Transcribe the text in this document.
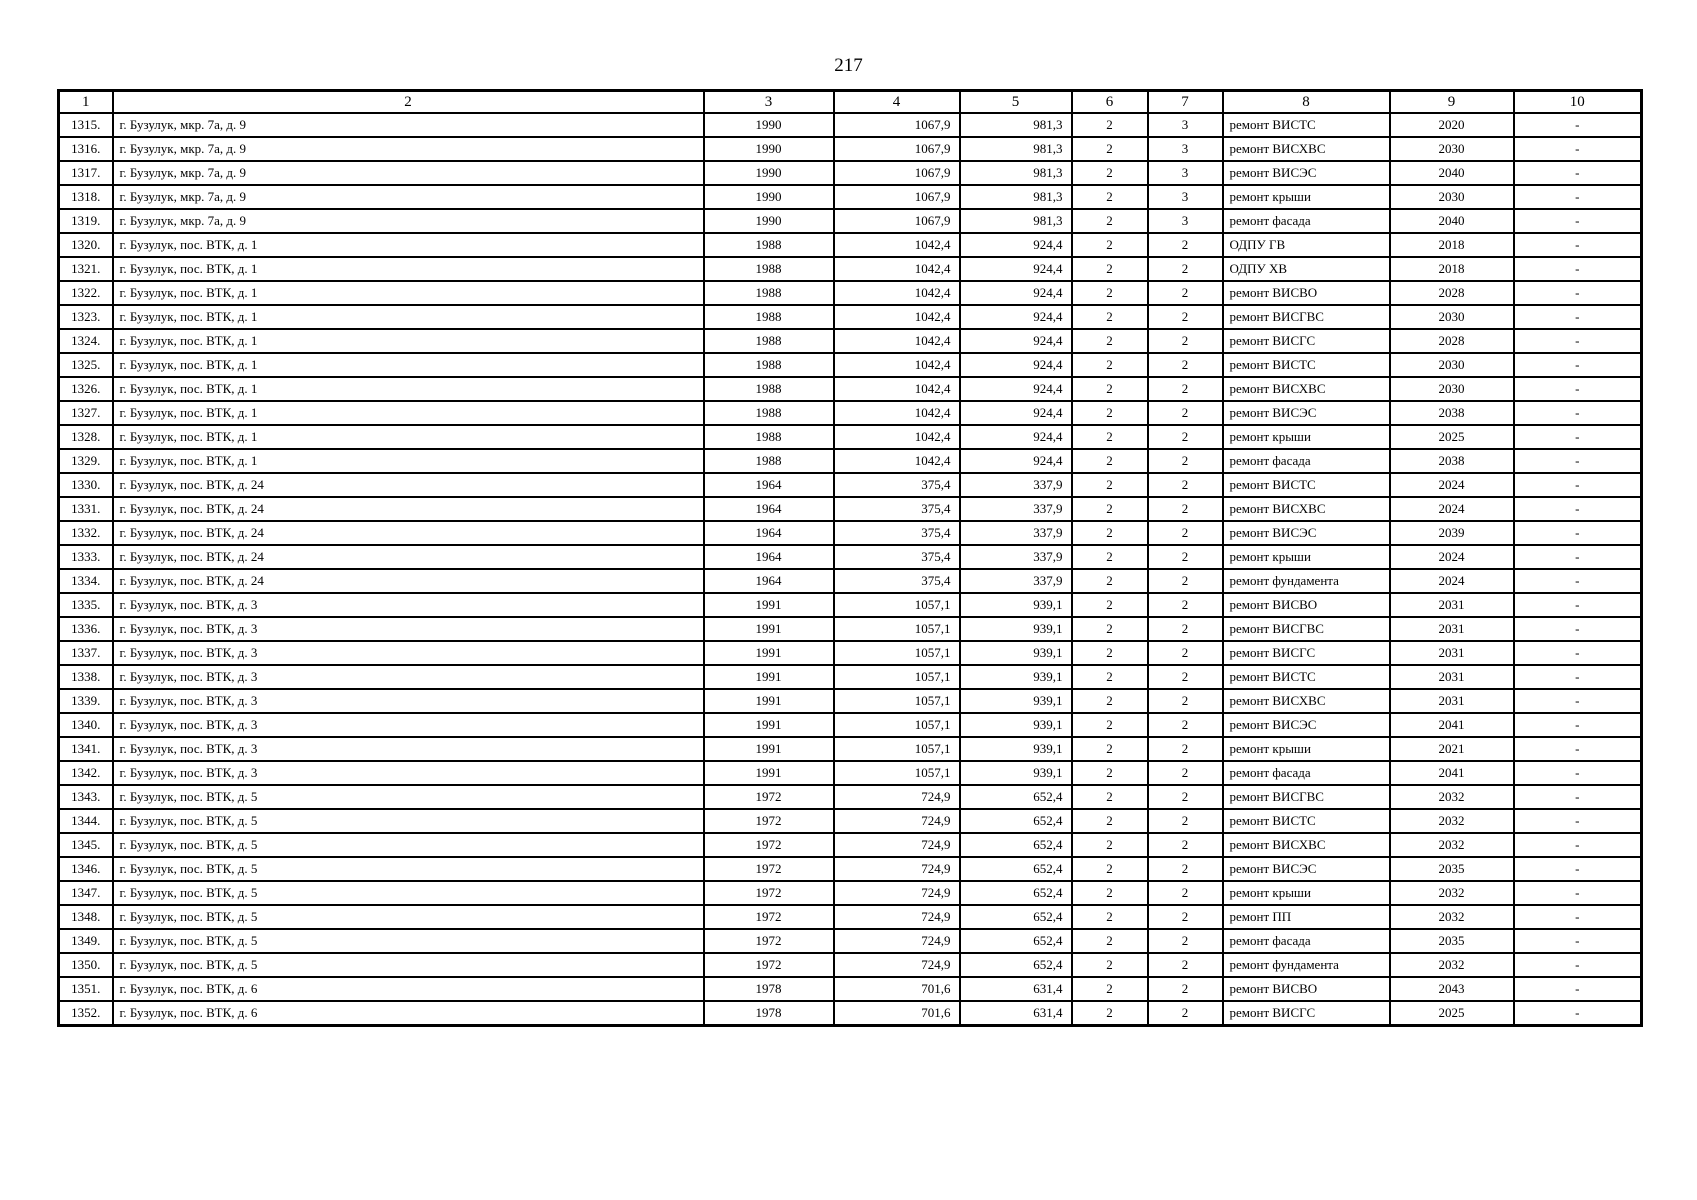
217
1	2	3	4	5	6	7	8	9	10
1315.	г. Бузулук, мкр. 7а, д. 9	1990	1067,9	981,3	2	3	ремонт ВИСТС	2020	-
1316.	г. Бузулук, мкр. 7а, д. 9	1990	1067,9	981,3	2	3	ремонт ВИСХВС	2030	-
1317.	г. Бузулук, мкр. 7а, д. 9	1990	1067,9	981,3	2	3	ремонт ВИСЭС	2040	-
1318.	г. Бузулук, мкр. 7а, д. 9	1990	1067,9	981,3	2	3	ремонт крыши	2030	-
1319.	г. Бузулук, мкр. 7а, д. 9	1990	1067,9	981,3	2	3	ремонт фасада	2040	-
1320.	г. Бузулук, пос. ВТК, д. 1	1988	1042,4	924,4	2	2	ОДПУ ГВ	2018	-
1321.	г. Бузулук, пос. ВТК, д. 1	1988	1042,4	924,4	2	2	ОДПУ ХВ	2018	-
1322.	г. Бузулук, пос. ВТК, д. 1	1988	1042,4	924,4	2	2	ремонт ВИСВО	2028	-
1323.	г. Бузулук, пос. ВТК, д. 1	1988	1042,4	924,4	2	2	ремонт ВИСГВС	2030	-
1324.	г. Бузулук, пос. ВТК, д. 1	1988	1042,4	924,4	2	2	ремонт ВИСГС	2028	-
1325.	г. Бузулук, пос. ВТК, д. 1	1988	1042,4	924,4	2	2	ремонт ВИСТС	2030	-
1326.	г. Бузулук, пос. ВТК, д. 1	1988	1042,4	924,4	2	2	ремонт ВИСХВС	2030	-
1327.	г. Бузулук, пос. ВТК, д. 1	1988	1042,4	924,4	2	2	ремонт ВИСЭС	2038	-
1328.	г. Бузулук, пос. ВТК, д. 1	1988	1042,4	924,4	2	2	ремонт крыши	2025	-
1329.	г. Бузулук, пос. ВТК, д. 1	1988	1042,4	924,4	2	2	ремонт фасада	2038	-
1330.	г. Бузулук, пос. ВТК, д. 24	1964	375,4	337,9	2	2	ремонт ВИСТС	2024	-
1331.	г. Бузулук, пос. ВТК, д. 24	1964	375,4	337,9	2	2	ремонт ВИСХВС	2024	-
1332.	г. Бузулук, пос. ВТК, д. 24	1964	375,4	337,9	2	2	ремонт ВИСЭС	2039	-
1333.	г. Бузулук, пос. ВТК, д. 24	1964	375,4	337,9	2	2	ремонт крыши	2024	-
1334.	г. Бузулук, пос. ВТК, д. 24	1964	375,4	337,9	2	2	ремонт фундамента	2024	-
1335.	г. Бузулук, пос. ВТК, д. 3	1991	1057,1	939,1	2	2	ремонт ВИСВО	2031	-
1336.	г. Бузулук, пос. ВТК, д. 3	1991	1057,1	939,1	2	2	ремонт ВИСГВС	2031	-
1337.	г. Бузулук, пос. ВТК, д. 3	1991	1057,1	939,1	2	2	ремонт ВИСГС	2031	-
1338.	г. Бузулук, пос. ВТК, д. 3	1991	1057,1	939,1	2	2	ремонт ВИСТС	2031	-
1339.	г. Бузулук, пос. ВТК, д. 3	1991	1057,1	939,1	2	2	ремонт ВИСХВС	2031	-
1340.	г. Бузулук, пос. ВТК, д. 3	1991	1057,1	939,1	2	2	ремонт ВИСЭС	2041	-
1341.	г. Бузулук, пос. ВТК, д. 3	1991	1057,1	939,1	2	2	ремонт крыши	2021	-
1342.	г. Бузулук, пос. ВТК, д. 3	1991	1057,1	939,1	2	2	ремонт фасада	2041	-
1343.	г. Бузулук, пос. ВТК, д. 5	1972	724,9	652,4	2	2	ремонт ВИСГВС	2032	-
1344.	г. Бузулук, пос. ВТК, д. 5	1972	724,9	652,4	2	2	ремонт ВИСТС	2032	-
1345.	г. Бузулук, пос. ВТК, д. 5	1972	724,9	652,4	2	2	ремонт ВИСХВС	2032	-
1346.	г. Бузулук, пос. ВТК, д. 5	1972	724,9	652,4	2	2	ремонт ВИСЭС	2035	-
1347.	г. Бузулук, пос. ВТК, д. 5	1972	724,9	652,4	2	2	ремонт крыши	2032	-
1348.	г. Бузулук, пос. ВТК, д. 5	1972	724,9	652,4	2	2	ремонт ПП	2032	-
1349.	г. Бузулук, пос. ВТК, д. 5	1972	724,9	652,4	2	2	ремонт фасада	2035	-
1350.	г. Бузулук, пос. ВТК, д. 5	1972	724,9	652,4	2	2	ремонт фундамента	2032	-
1351.	г. Бузулук, пос. ВТК, д. 6	1978	701,6	631,4	2	2	ремонт ВИСВО	2043	-
1352.	г. Бузулук, пос. ВТК, д. 6	1978	701,6	631,4	2	2	ремонт ВИСГС	2025	-
